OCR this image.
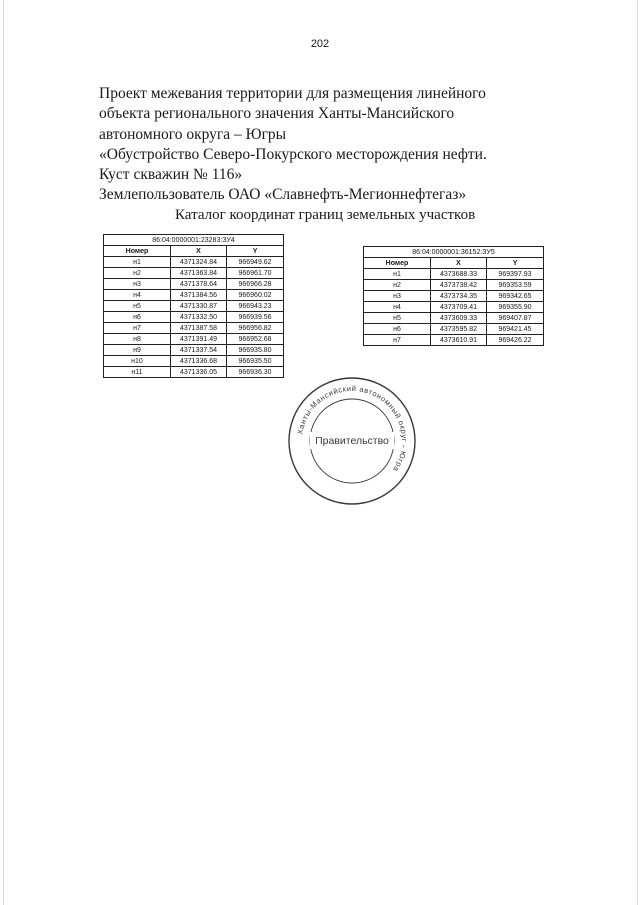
202
Проект межевания территории для размещения линейного
объекта регионального значения Ханты-Мансийского
автономного округа – Югры
«Обустройство Северо-Покурского месторождения нефти.
Куст скважин № 116»
Землепользователь ОАО «Славнефть-Мегионнефтегаз»
Каталог координат границ земельных участков
86:04:0000001:23283:ЗУ4		
Номер	X	Y
н1	4371324.84	966949.62
н2	4371363.84	966961.70
н3	4371378.64	966966.28
н4	4371384.56	966960.02
н5	4371330.87	966943.23
н6	4371332.50	966939.56
н7	4371387.58	966956.82
н8	4371391.49	966952.68
н9	4371337.54	966935.80
н10	4371336.68	966935.50
н11	4371336.05	966936.30
86:04:0000001:36152:ЗУ5		
Номер	X	Y
н1	4373688.33	969397.93
н2	4373738.42	969353.59
н3	4373734.35	969342.65
н4	4373709.41	969355.90
н5	4373609.33	969407.87
н6	4373595.82	969421.45
н7	4373610.91	969426.22
Ханты-Мансийский автономный округ - Югра
Правительство
